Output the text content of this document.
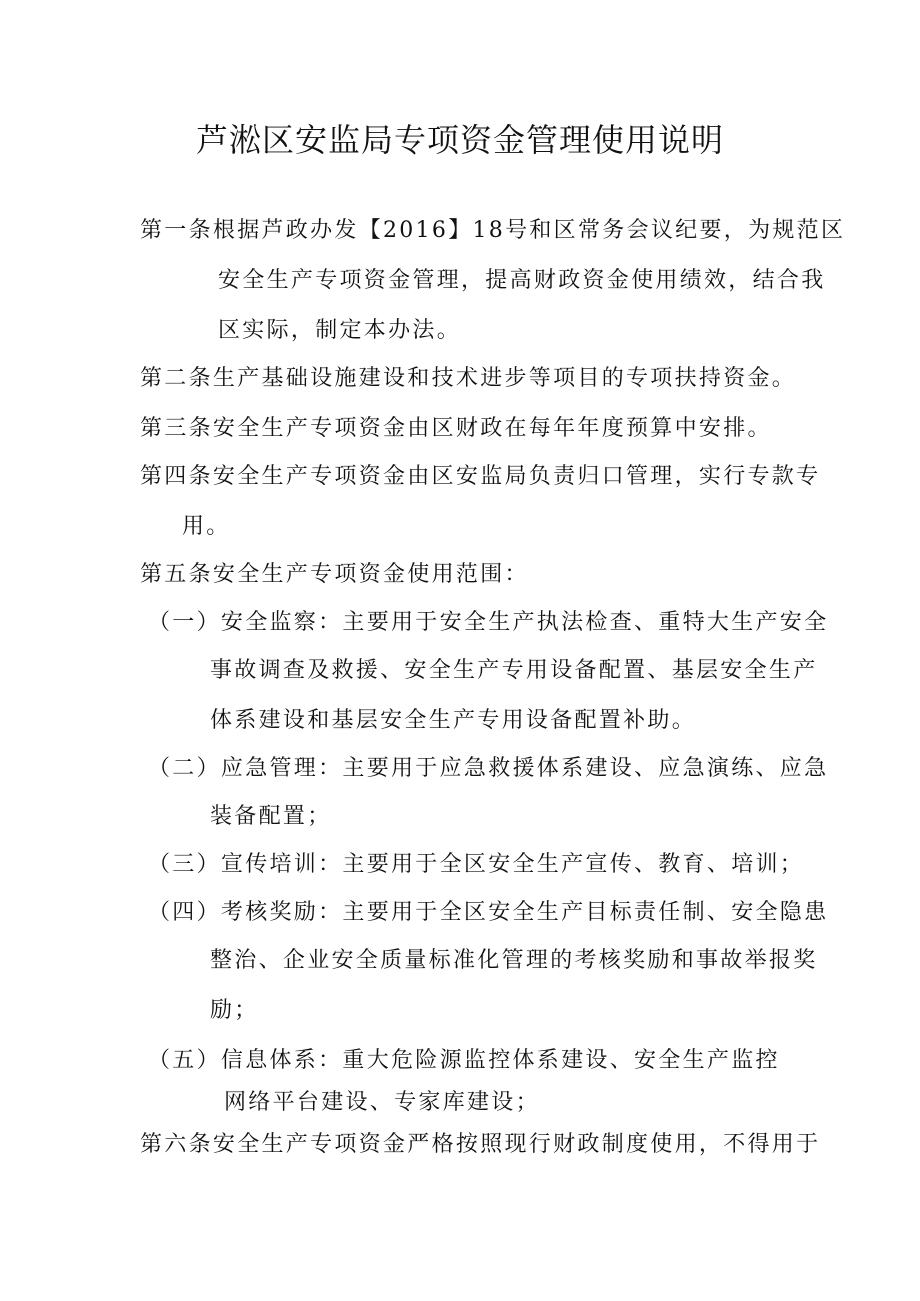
芦淞区安监局专项资金管理使用说明
第一条根据芦政办发【2016】18号和区常务会议纪要，为规范区
安全生产专项资金管理，提高财政资金使用绩效，结合我
区实际，制定本办法。
第二条生产基础设施建设和技术进步等项目的专项扶持资金。
第三条安全生产专项资金由区财政在每年年度预算中安排。
第四条安全生产专项资金由区安监局负责归口管理，实行专款专
用。
第五条安全生产专项资金使用范围：
（一）安全监察：主要用于安全生产执法检查、重特大生产安全
事故调查及救援、安全生产专用设备配置、基层安全生产
体系建设和基层安全生产专用设备配置补助。
（二）应急管理：主要用于应急救援体系建设、应急演练、应急
装备配置；
（三）宣传培训：主要用于全区安全生产宣传、教育、培训；
（四）考核奖励：主要用于全区安全生产目标责任制、安全隐患
整治、企业安全质量标准化管理的考核奖励和事故举报奖
励；
（五）信息体系：重大危险源监控体系建设、安全生产监控
网络平台建设、专家库建设；
第六条安全生产专项资金严格按照现行财政制度使用，不得用于
